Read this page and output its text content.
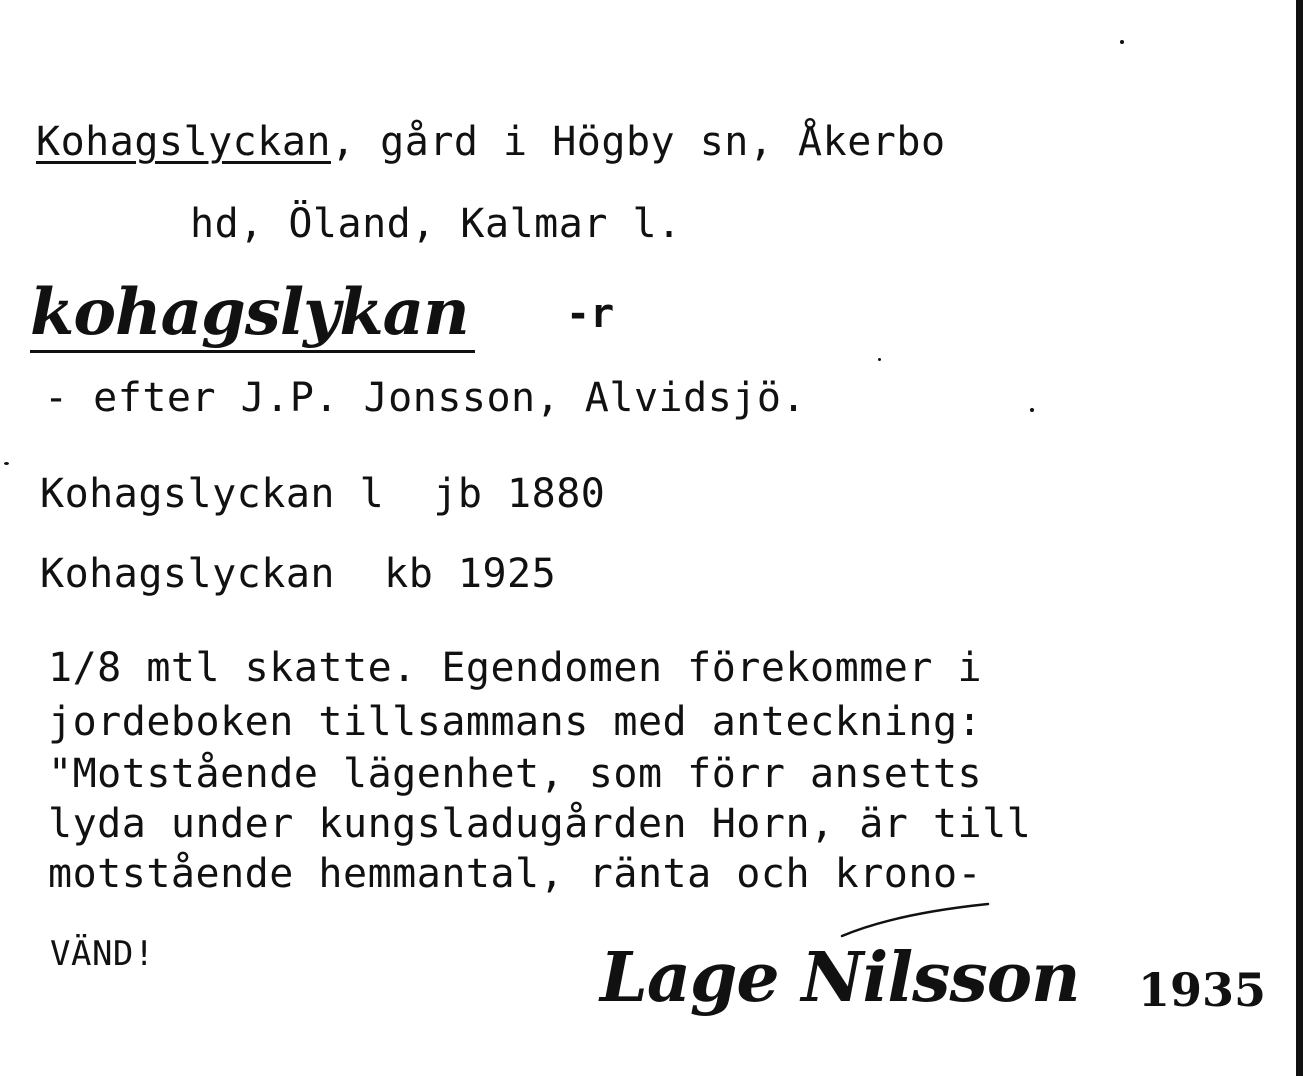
Kohagslyckan, gård i Högby sn, Åkerbo
hd, Öland, Kalmar l.
kohagslykan -r
- efter J.P. Jonsson, Alvidsjö.
Kohagslyckan l  jb 1880
Kohagslyckan  kb 1925
1/8 mtl skatte. Egendomen förekommer i
jordeboken tillsammans med anteckning:
"Motstående lägenhet, som förr ansetts
lyda under kungsladugården Horn, är till
motstående hemmantal, ränta och krono-
VÄND!	Lage Nilsson 1935
